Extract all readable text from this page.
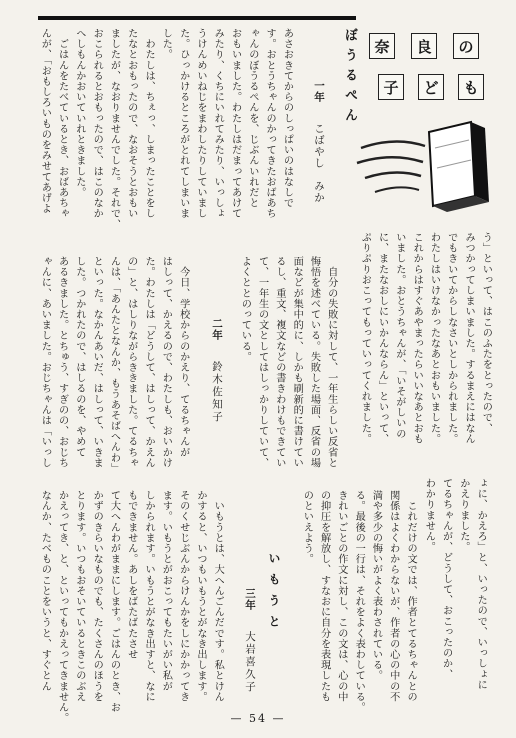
奈 良 の
子 ど も
ぼうるぺん
一年こばやし　みか
あさおきてからのしっぱいのはなしで
す。おとうちゃんのかってきたおばあち
ゃんのぼうるぺんを、じぶんいれだと
おもいました。わたしはだまってあけて
みたり、くちにいれてみたり、いっしょ
うけんめいねじをまわしたりしていまし
た。ひっかけるところがとれてしまいま
した。
　わたしは、ちぇっ、しまったことをし
たなとおもったので、なおそうとおもい
ましたが、なおりませんでした。それで、
おこられるとおもったので、はこのなか
へしもんかおいていれときました。
　ごはんをたべているとき、おばあちゃ
んが、「おもしろいものをみせてあげよ
う」といって、はこのふたをとったので、
みつかってしまいました。するまえにはなん
でもきいてからしなさいとしかられました。
わたしはいけなかったなあとおもいました。
これからはすぐあやまったらいいなあとおも
いました。おとうちゃんが、「いそがしいの
に、またなおしにいかんならん」といって、
ぷりぷりおこってもっていってくれました。
　自分の失敗に対して、一年生らしい反省と
悔悟を述べている。失敗した場面、反省の場
面などが集中的に、しかも刷新的に書けてい
るし、重文、複文などの書きわけもできてい
て、一年生の文としてはしっかりしていて、
よくととのっている。
二年鈴木佐知子
　今日、学校からのかえり、てるちゃんが
はしって、かえるので、わたしも、おいかけ
た。わたしは「どうして、はしって、かえん
の」と、はしりながらききました。てるちゃ
んは、「あんたとなんか、もうあそばへんわ」
といった。なかんあいだ、はしって、いきま
した。つかれたので、はしるのを、やめて
あるきました。とちゅう、すぎのの、おじち
ゃんに、あいました。おじちゃんは「いっし
ょに、かえろ」と、いったので、いっしょに
かえりました。
てるちゃんが、どうして、おこったのか、
わかりません。
　これだけの文では、作者とてるちゃんとの
関係はよくわからないが、作者の心の中の不
満や多少の悔いがよく表わされている。
る。最後の一行は、それをよく表わしている。
きれいごとの作文に対し、この文は、心の中
の抑圧を解放し、すなおに自分を表現したも
のといえよう。
いもうと
三年大岩喜久子
　いもうとは、大へんごんだです。私とけん
かすると、いつもいもうとがなき出します。
そのくせじぶんからけんかをしにかかってき
ます。いもうとがおこってもたいがい私が
しかられます。いもうとがなき出すと、なに
もできません。あしをばたばたさせ
て大へんわがままにします。ごはんのとき、お
かずのきらいなものでも、たくさんのほうを
とります。いつもおそいているときこのぶえ
かえってき、と、といってもかえってきません。
なんか、たべものことをいうと、すぐとん
— 54 —
